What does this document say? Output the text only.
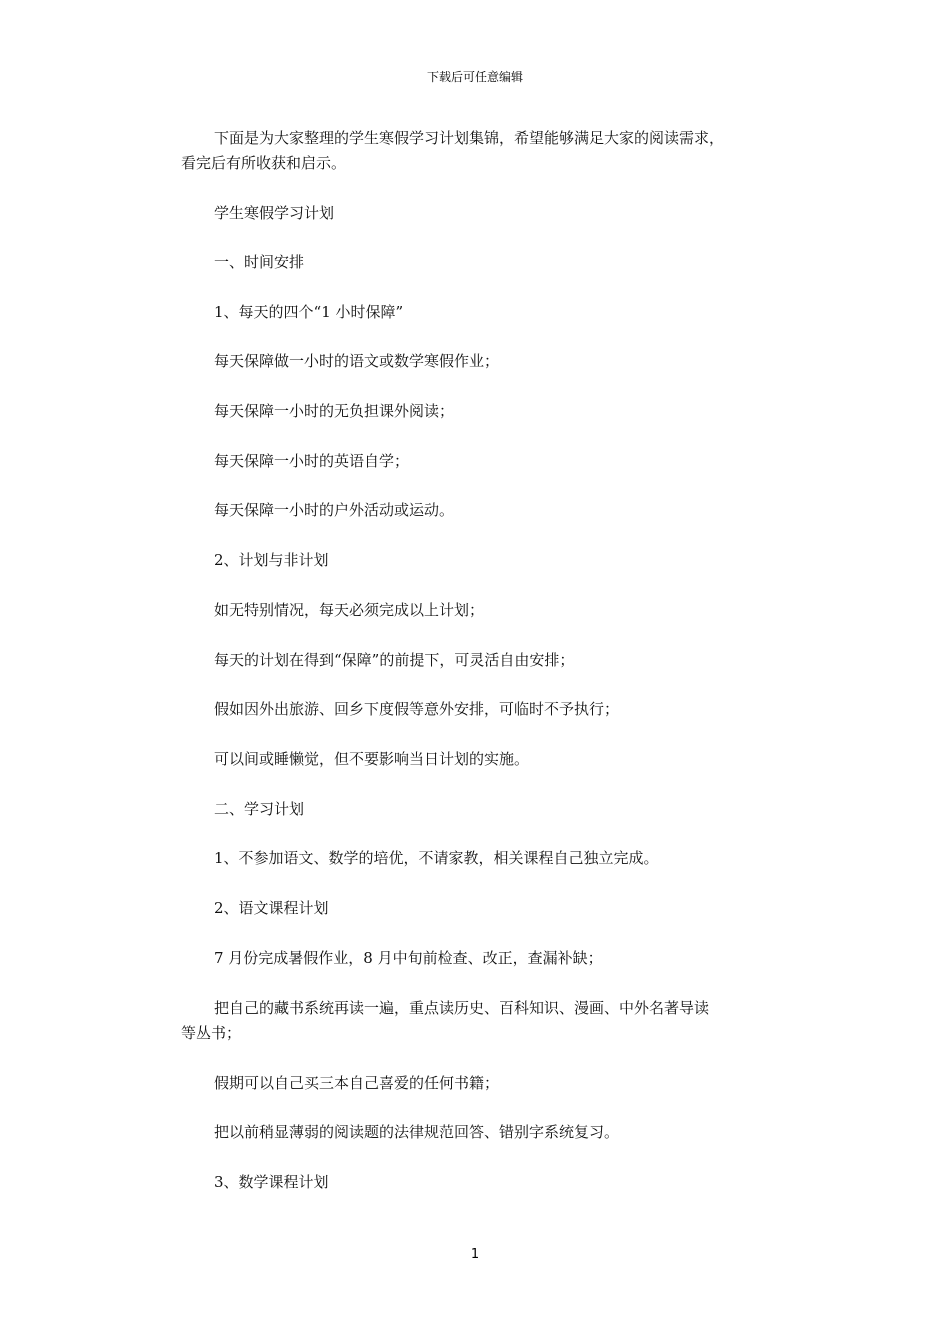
下载后可任意编辑
下面是为大家整理的学生寒假学习计划集锦，希望能够满足大家的阅读需求，
看完后有所收获和启示。
学生寒假学习计划
一、时间安排
1、每天的四个“1 小时保障”
每天保障做一小时的语文或数学寒假作业；
每天保障一小时的无负担课外阅读；
每天保障一小时的英语自学；
每天保障一小时的户外活动或运动。
2、计划与非计划
如无特别情况，每天必须完成以上计划；
每天的计划在得到“保障”的前提下，可灵活自由安排；
假如因外出旅游、回乡下度假等意外安排，可临时不予执行；
可以间或睡懒觉，但不要影响当日计划的实施。
二、学习计划
1、不参加语文、数学的培优，不请家教，相关课程自己独立完成。
2、语文课程计划
7 月份完成暑假作业，8 月中旬前检查、改正，查漏补缺；
把自己的藏书系统再读一遍，重点读历史、百科知识、漫画、中外名著导读
等丛书；
假期可以自己买三本自己喜爱的任何书籍；
把以前稍显薄弱的阅读题的法律规范回答、错别字系统复习。
3、数学课程计划
1
